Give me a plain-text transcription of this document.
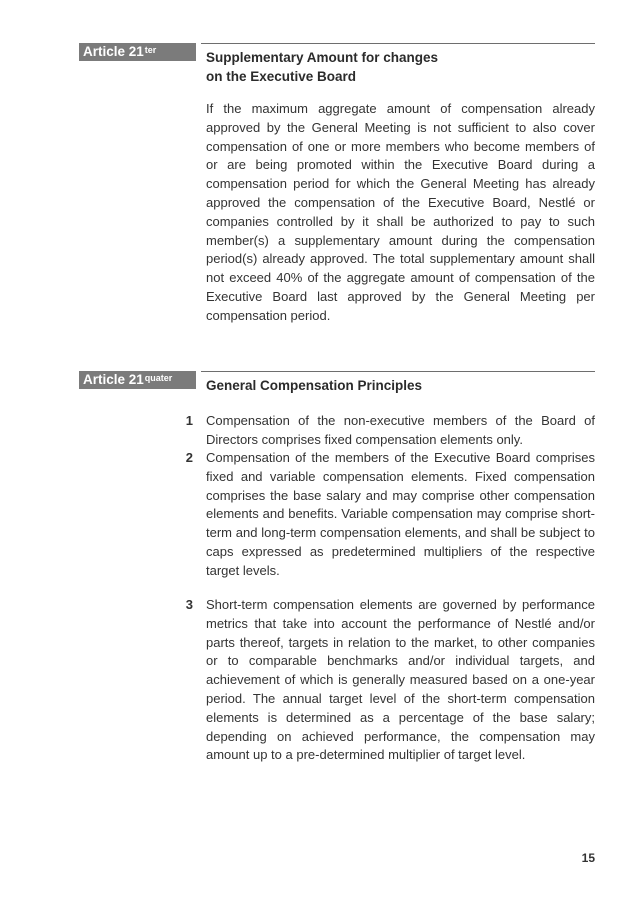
Article $21^{ter}$	Supplementary Amount for changes
on the Executive Board

If the maximum aggregate amount of compensation already approved by the General Meeting is not sufficient to also cover compensation of one or more members who become members of or are being promoted within the Executive Board during a compensation period for which the General Meeting has already approved the compensation of the Executive Board, Nestlé or companies controlled by it shall be authorized to pay to such member(s) a supplementary amount during the compensation period(s) already approved. The total supplementary amount shall not exceed 40% of the aggregate amount of compensation of the Executive Board last approved by the General Meeting per compensation period.

Article $21^{quater}$	General Compensation Principles
1 Compensation of the non-executive members of the Board of Directors comprises fixed compensation elements only.

2 Compensation of the members of the Executive Board comprises fixed and variable compensation elements. Fixed compensation comprises the base salary and may comprise other compensation elements and benefits. Variable compensation may comprise short-term and long-term compensation elements, and shall be subject to caps expressed as predetermined multipliers of the respective target levels.

3 Short-term compensation elements are governed by performance metrics that take into account the performance of Nestlé and/or parts thereof, targets in relation to the market, to other companies or to comparable benchmarks and/or individual targets, and achievement of which is generally measured based on a one-year period. The annual target level of the short-term compensation elements is determined as a percentage of the base salary; depending on achieved performance, the compensation may amount up to a pre-determined multiplier of target level.

15
